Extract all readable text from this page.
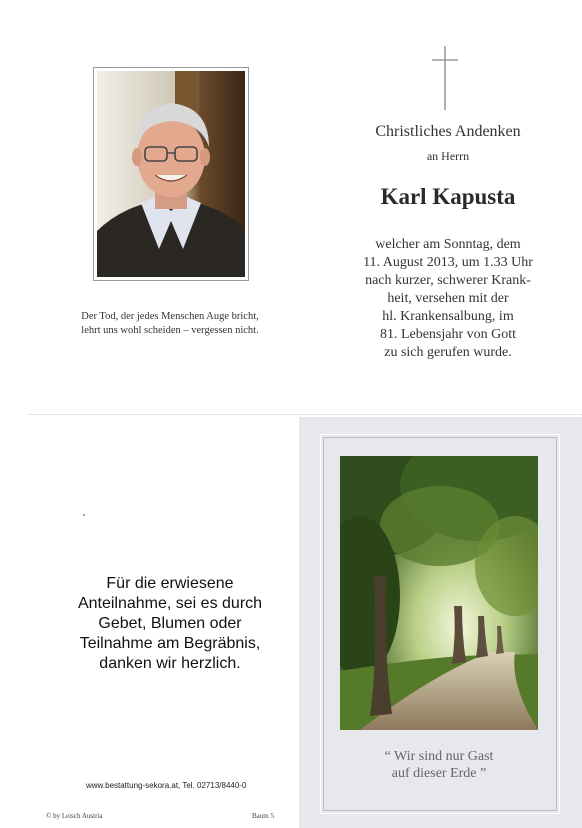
Der Tod, der jedes Menschen Auge bricht,
lehrt uns wohl scheiden – vergessen nicht.
Christliches Andenken
an Herrn
Karl Kapusta
welcher am Sonntag, dem
11. August 2013, um 1.33 Uhr
nach kurzer, schwerer Krank-
heit, versehen mit der
hl. Krankensalbung, im
81. Lebensjahr von Gott
zu sich gerufen wurde.
Für die erwiesene
Anteilnahme, sei es durch
Gebet, Blumen oder
Teilnahme am Begräbnis,
danken wir herzlich.
www.bestattung-sekora.at, Tel. 02713/8440-0
© by Leisch Austria	Baum 5
“ Wir sind nur Gast
auf dieser Erde ”
